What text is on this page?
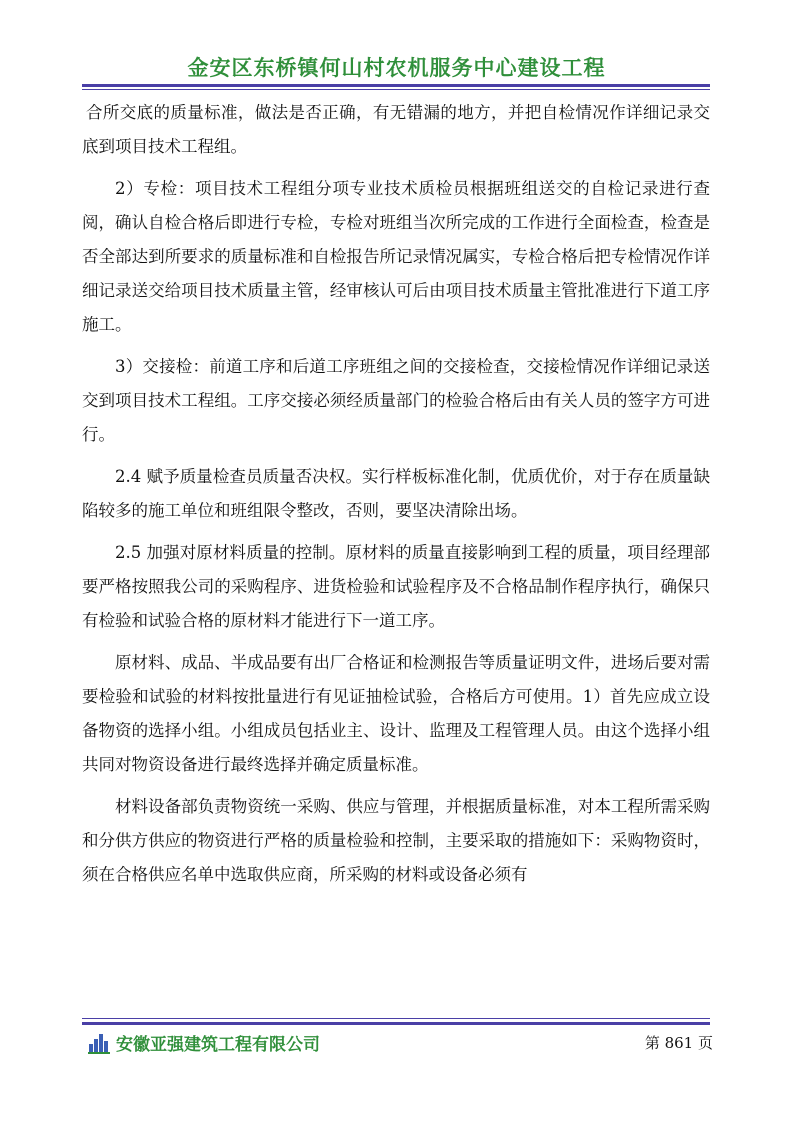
金安区东桥镇何山村农机服务中心建设工程

合所交底的质量标准，做法是否正确，有无错漏的地方，并把自检情况作详细记录交底到项目技术工程组。

2）专检：项目技术工程组分项专业技术质检员根据班组送交的自检记录进行查阅，确认自检合格后即进行专检，专检对班组当次所完成的工作进行全面检查，检查是否全部达到所要求的质量标准和自检报告所记录情况属实，专检合格后把专检情况作详细记录送交给项目技术质量主管，经审核认可后由项目技术质量主管批准进行下道工序施工。

3）交接检：前道工序和后道工序班组之间的交接检查，交接检情况作详细记录送交到项目技术工程组。工序交接必须经质量部门的检验合格后由有关人员的签字方可进行。

2.4 赋予质量检查员质量否决权。实行样板标准化制，优质优价，对于存在质量缺陷较多的施工单位和班组限令整改，否则，要坚决清除出场。

2.5 加强对原材料质量的控制。原材料的质量直接影响到工程的质量，项目经理部要严格按照我公司的采购程序、进货检验和试验程序及不合格品制作程序执行，确保只有检验和试验合格的原材料才能进行下一道工序。

原材料、成品、半成品要有出厂合格证和检测报告等质量证明文件，进场后要对需要检验和试验的材料按批量进行有见证抽检试验，合格后方可使用。1）首先应成立设备物资的选择小组。小组成员包括业主、设计、监理及工程管理人员。由这个选择小组共同对物资设备进行最终选择并确定质量标准。

材料设备部负责物资统一采购、供应与管理，并根据质量标准，对本工程所需采购和分供方供应的物资进行严格的质量检验和控制，主要采取的措施如下：采购物资时，须在合格供应名单中选取供应商，所采购的材料或设备必须有

安徽亚强建筑工程有限公司	第 861 页
